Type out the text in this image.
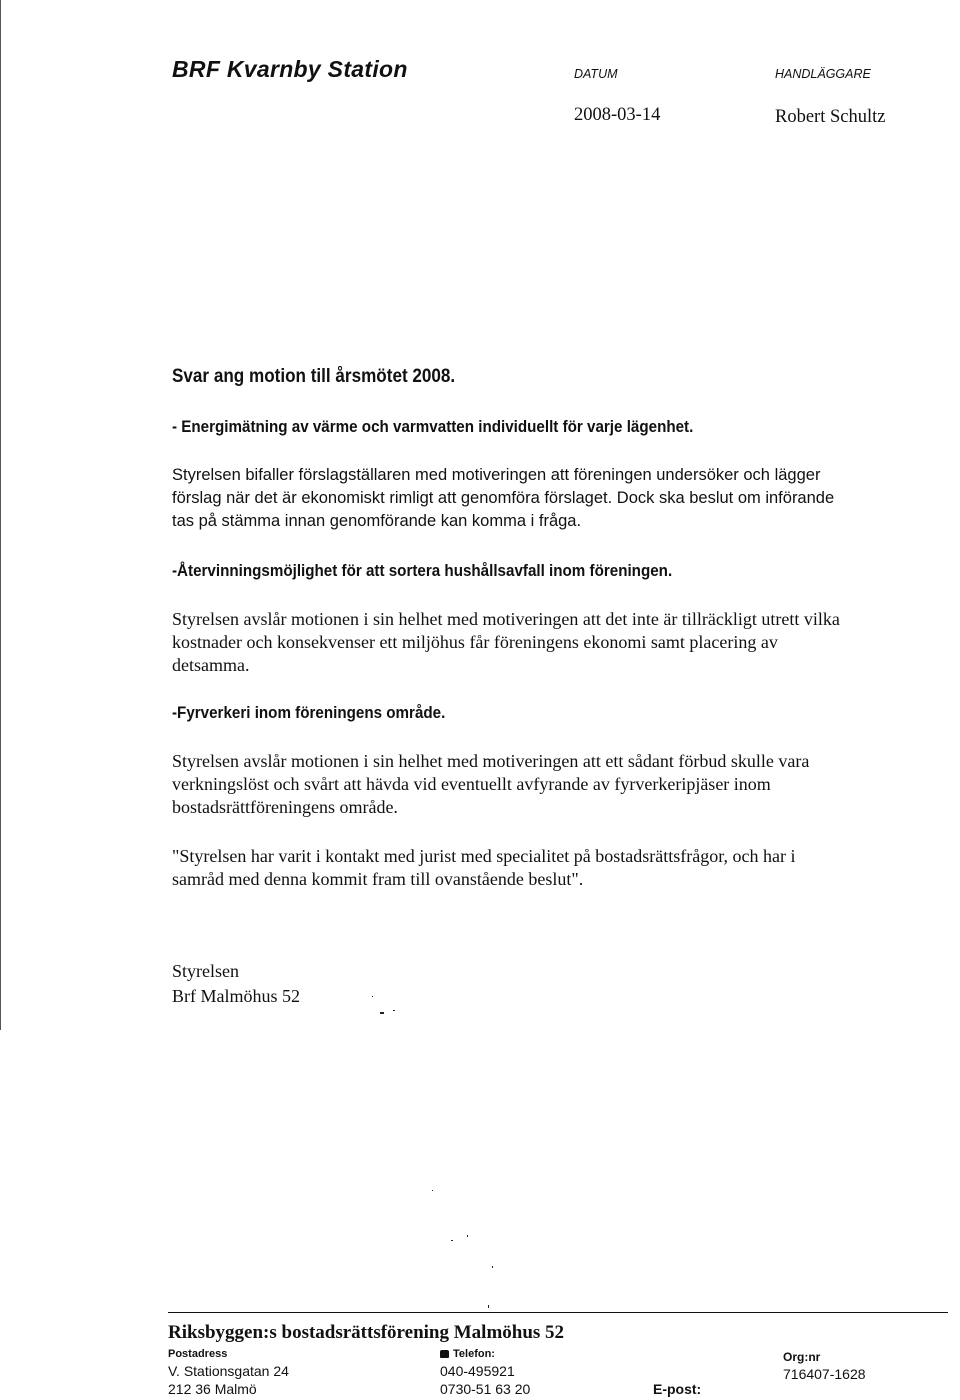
BRF Kvarnby Station	DATUM	HANDLÄGGARE
2008-03-14	Robert Schultz
Svar ang motion till årsmötet 2008.
- Energimätning av värme och varmvatten individuellt för varje lägenhet.
Styrelsen bifaller förslagställaren med motiveringen att föreningen undersöker och lägger
förslag när det är ekonomiskt rimligt att genomföra förslaget. Dock ska beslut om införande
tas på stämma innan genomförande kan komma i fråga.
-Återvinningsmöjlighet för att sortera hushållsavfall inom föreningen.
Styrelsen avslår motionen i sin helhet med motiveringen att det inte är tillräckligt utrett vilka
kostnader och konsekvenser ett miljöhus får föreningens ekonomi samt placering av
detsamma.
-Fyrverkeri inom föreningens område.
Styrelsen avslår motionen i sin helhet med motiveringen att ett sådant förbud skulle vara
verkningslöst och svårt att hävda vid eventuellt avfyrande av fyrverkeripjäser inom
bostadsrättföreningens område.
"Styrelsen har varit i kontakt med jurist med specialitet på bostadsrättsfrågor, och har i
samråd med denna kommit fram till ovanstående beslut".
Styrelsen
Brf Malmöhus 52
Riksbyggen:s bostadsrättsförening Malmöhus 52
Postadress
V. Stationsgatan 24
212 36 Malmö
Telefon:
040-495921
0730-51 63 20	E-post:
Org:nr
716407-1628
